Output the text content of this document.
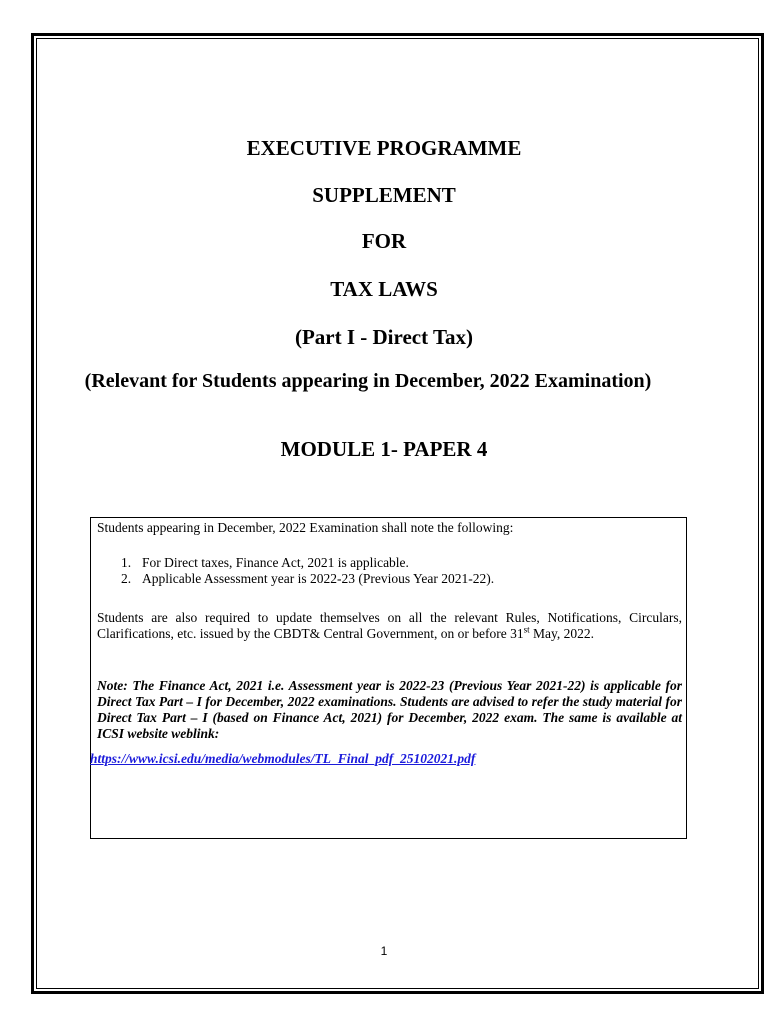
EXECUTIVE PROGRAMME
SUPPLEMENT
FOR
TAX LAWS
(Part I - Direct Tax)
(Relevant for Students appearing in December, 2022 Examination)
MODULE 1- PAPER 4

Students appearing in December, 2022 Examination shall note the following:

1. For Direct taxes, Finance Act, 2021 is applicable.
2. Applicable Assessment year is 2022-23 (Previous Year 2021-22).

Students are also required to update themselves on all the relevant Rules, Notifications, Circulars, Clarifications, etc. issued by the CBDT& Central Government, on or before 31st May, 2022.

Note: The Finance Act, 2021 i.e. Assessment year is 2022-23 (Previous Year 2021-22) is applicable for Direct Tax Part – I for December, 2022 examinations. Students are advised to refer the study material for Direct Tax Part – I (based on Finance Act, 2021) for December, 2022 exam. The same is available at ICSI website weblink:

https://www.icsi.edu/media/webmodules/TL_Final_pdf_25102021.pdf
1
